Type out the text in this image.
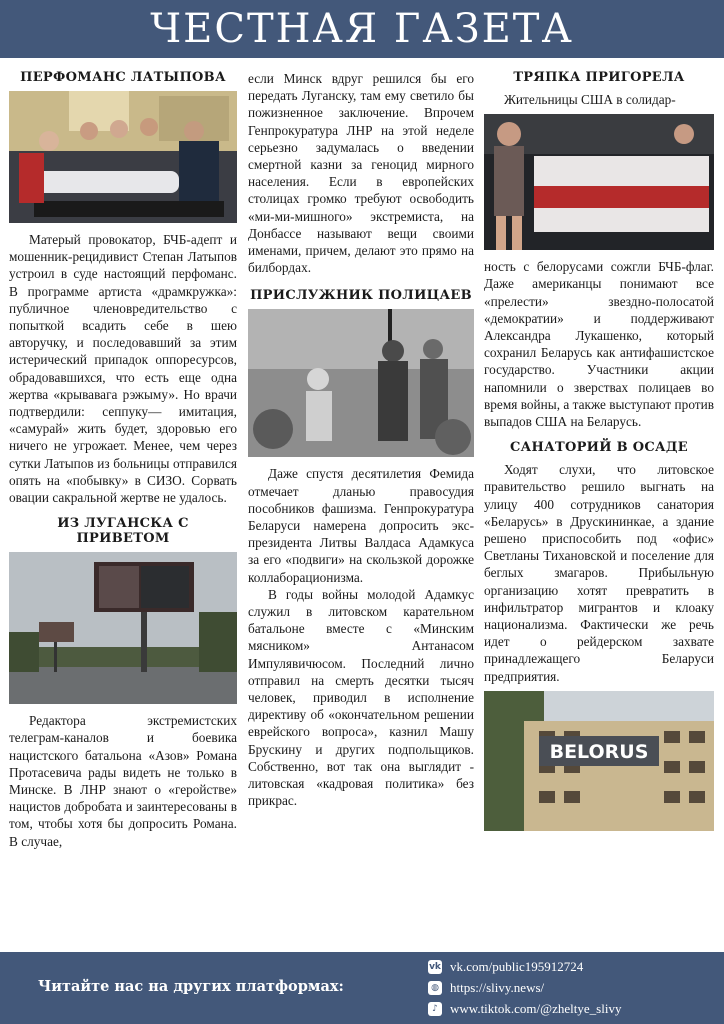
ЧЕСТНАЯ ГАЗЕТА
ПЕРФОМАНС ЛАТЫПОВА

Матерый провокатор, БЧБ-адепт и мошенник-рецидивист Степан Латыпов устроил в суде настоящий перфоманс. В программе артиста «драмкружка»: публичное членовредительство с попыткой всадить себе в шею авторучку, и последовавший за этим истерический припадок оппоресурсов, обрадовавшихся, что есть еще одна жертва «крывавага рэжыму». Но врачи подтвердили: сеппуку— имитация, «самурай» жить будет, здоровью его ничего не угрожает. Менее, чем через сутки Латыпов из больницы отправился опять на «побывку» в СИЗО. Сорвать овации сакральной жертве не удалось.

ИЗ ЛУГАНСКА С ПРИВЕТОМ

Редактора экстремистских телеграм-каналов и боевика нацистского батальона «Азов» Романа Протасевича рады видеть не только в Минске. В ЛНР знают о «геройстве» нацистов добробата и заинтересованы в том, чтобы хотя бы допросить Романа. В случае,

если Минск вдруг решился бы его передать Луганску, там ему светило бы пожизненное заключение. Впрочем Генпрокуратура ЛНР на этой неделе серьезно задумалась о введении смертной казни за геноцид мирного населения. Если в европейских столицах громко требуют освободить «ми-ми-мишного» экстремиста, на Донбассе называют вещи своими именами, причем, делают это прямо на билбордах.

ПРИСЛУЖНИК ПОЛИЦАЕВ

Даже спустя десятилетия Фемида отмечает дланью правосудия пособников фашизма. Генпрокуратура Беларуси намерена допросить экс-президента Литвы Валдаса Адамкуса за его «подвиги» на скользкой дорожке коллаборационизма.

В годы войны молодой Адамкус служил в литовском карательном батальоне вместе с «Минским мясником» Антанасом Импулявичюсом. Последний лично отправил на смерть десятки тысяч человек, приводил в исполнение директиву об «окончательном решении еврейского вопроса», казнил Машу Брускину и других подпольщиков. Собственно, вот так она выглядит - литовская «кадровая политика» без прикрас.

ТРЯПКА ПРИГОРЕЛА

Жительницы США в солидар-

ность с белорусами сожгли БЧБ-флаг. Даже американцы понимают все «прелести» звездно-полосатой «демократии» и поддерживают Александра Лукашенко, который сохранил Беларусь как антифашистское государство. Участники акции напомнили о зверствах полицаев во время войны, а также выступают против выпадов США на Беларусь.

САНАТОРИЙ В ОСАДЕ

Ходят слухи, что литовское правительство решило выгнать на улицу 400 сотрудников санатория «Беларусь» в Друскининкае, а здание решено приспособить под «офис» Светланы Тихановской и поселение для беглых змагаров. Прибыльную организацию хотят превратить в инфильтратор мигрантов и клоаку национализма. Фактически же речь идет о рейдерском захвате принадлежащего Беларуси предприятия.

BELORUS
Читайте нас на других платформах:
vk vk.com/public195912724
◍ https://slivy.news/
♪ www.tiktok.com/@zheltye_slivy
